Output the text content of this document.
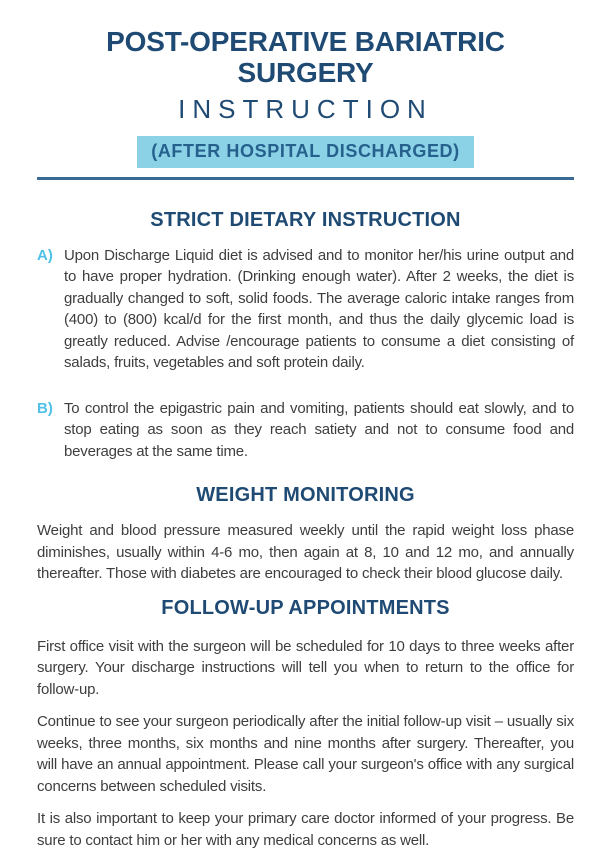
POST-OPERATIVE BARIATRIC SURGERY
INSTRUCTION
(AFTER HOSPITAL DISCHARGED)
STRICT DIETARY INSTRUCTION
A) Upon Discharge Liquid diet is advised and to monitor her/his urine output and to have proper hydration. (Drinking enough water). After 2 weeks, the diet is gradually changed to soft, solid foods. The average caloric intake ranges from (400) to (800) kcal/d for the first month, and thus the daily glycemic load is greatly reduced. Advise /encourage patients to consume a diet consisting of salads, fruits, vegetables and soft protein daily.

B) To control the epigastric pain and vomiting, patients should eat slowly, and to stop eating as soon as they reach satiety and not to consume food and beverages at the same time.

WEIGHT MONITORING

Weight and blood pressure measured weekly until the rapid weight loss phase diminishes, usually within 4-6 mo, then again at 8, 10 and 12 mo, and annually thereafter. Those with diabetes are encouraged to check their blood glucose daily.

FOLLOW-UP APPOINTMENTS

First office visit with the surgeon will be scheduled for 10 days to three weeks after surgery. Your discharge instructions will tell you when to return to the office for follow-up.

Continue to see your surgeon periodically after the initial follow-up visit – usually six weeks, three months, six months and nine months after surgery. Thereafter, you will have an annual appointment. Please call your surgeon's office with any surgical concerns between scheduled visits.

It is also important to keep your primary care doctor informed of your progress. Be sure to contact him or her with any medical concerns as well.
